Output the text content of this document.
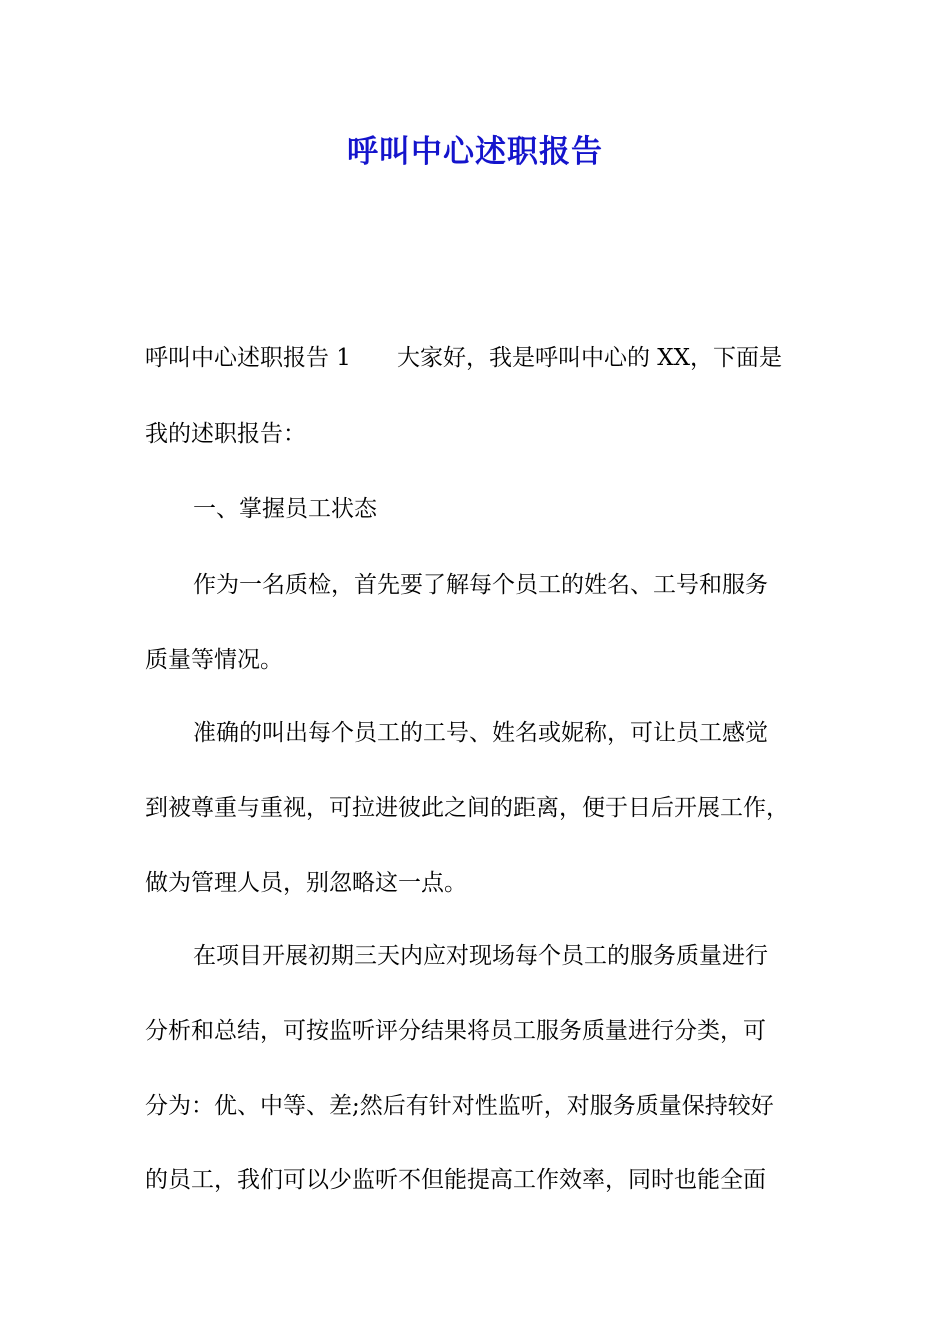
呼叫中心述职报告
呼叫中心述职报告 1 大家好，我是呼叫中心的 XX，下面是
我的述职报告：
一、掌握员工状态
作为一名质检，首先要了解每个员工的姓名、工号和服务
质量等情况。
准确的叫出每个员工的工号、姓名或妮称，可让员工感觉
到被尊重与重视，可拉进彼此之间的距离，便于日后开展工作，
做为管理人员，别忽略这一点。
在项目开展初期三天内应对现场每个员工的服务质量进行
分析和总结，可按监听评分结果将员工服务质量进行分类，可
分为：优、中等、差;然后有针对性监听，对服务质量保持较好
的员工，我们可以少监听不但能提高工作效率，同时也能全面
